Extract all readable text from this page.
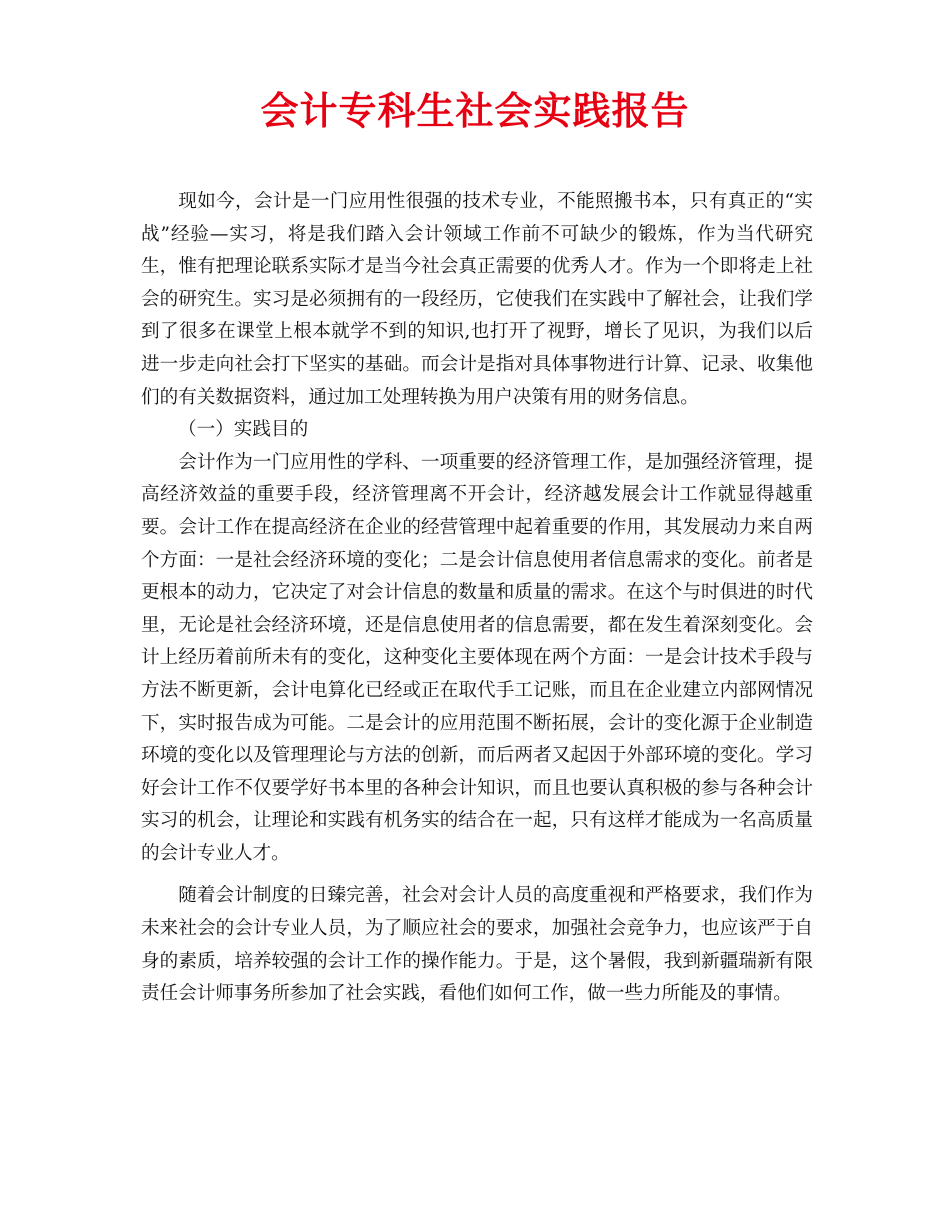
会计专科生社会实践报告

现如今，会计是一门应用性很强的技术专业，不能照搬书本，只有真正的“实战”经验—实习，将是我们踏入会计领域工作前不可缺少的锻炼，作为当代研究生，惟有把理论联系实际才是当今社会真正需要的优秀人才。作为一个即将走上社会的研究生。实习是必须拥有的一段经历，它使我们在实践中了解社会，让我们学到了很多在课堂上根本就学不到的知识,也打开了视野，增长了见识，为我们以后进一步走向社会打下坚实的基础。而会计是指对具体事物进行计算、记录、收集他们的有关数据资料，通过加工处理转换为用户决策有用的财务信息。

（一）实践目的

会计作为一门应用性的学科、一项重要的经济管理工作，是加强经济管理，提高经济效益的重要手段，经济管理离不开会计，经济越发展会计工作就显得越重要。会计工作在提高经济在企业的经营管理中起着重要的作用，其发展动力来自两个方面：一是社会经济环境的变化；二是会计信息使用者信息需求的变化。前者是更根本的动力，它决定了对会计信息的数量和质量的需求。在这个与时俱进的时代里，无论是社会经济环境，还是信息使用者的信息需要，都在发生着深刻变化。会计上经历着前所未有的变化，这种变化主要体现在两个方面：一是会计技术手段与方法不断更新，会计电算化已经或正在取代手工记账，而且在企业建立内部网情况下，实时报告成为可能。二是会计的应用范围不断拓展，会计的变化源于企业制造环境的变化以及管理理论与方法的创新，而后两者又起因于外部环境的变化。学习好会计工作不仅要学好书本里的各种会计知识，而且也要认真积极的参与各种会计实习的机会，让理论和实践有机务实的结合在一起，只有这样才能成为一名高质量的会计专业人才。

随着会计制度的日臻完善，社会对会计人员的高度重视和严格要求，我们作为未来社会的会计专业人员，为了顺应社会的要求，加强社会竞争力，也应该严于自身的素质，培养较强的会计工作的操作能力。于是，这个暑假，我到新疆瑞新有限责任会计师事务所参加了社会实践，看他们如何工作，做一些力所能及的事情。
